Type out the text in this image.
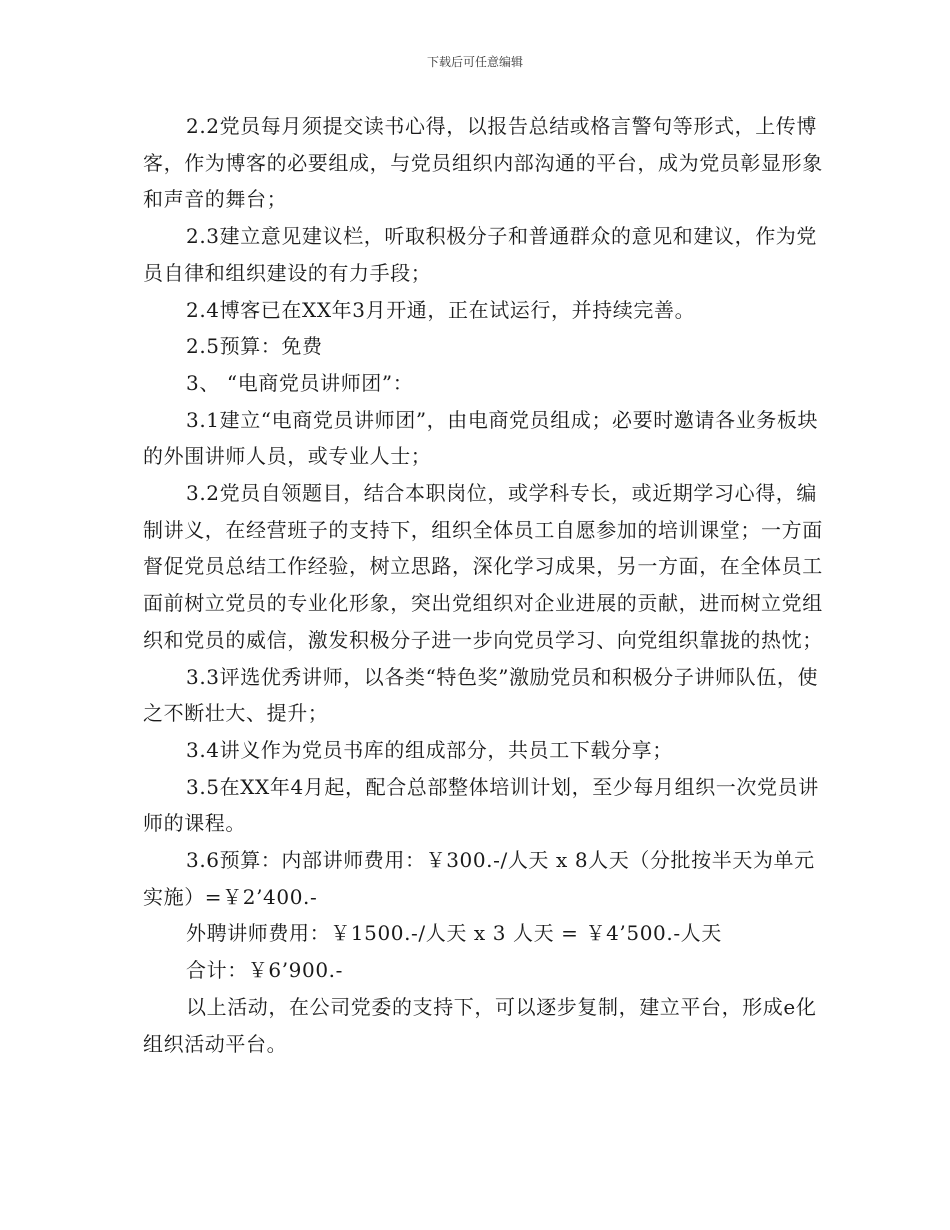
下载后可任意编辑

2.2党员每月须提交读书心得，以报告总结或格言警句等形式，上传博客，作为博客的必要组成，与党员组织内部沟通的平台，成为党员彰显形象和声音的舞台；

2.3建立意见建议栏，听取积极分子和普通群众的意见和建议，作为党员自律和组织建设的有力手段；

2.4博客已在XX年3月开通，正在试运行，并持续完善。

2.5预算：免费

3、 “电商党员讲师团”：

3.1建立“电商党员讲师团”，由电商党员组成；必要时邀请各业务板块的外围讲师人员，或专业人士；

3.2党员自领题目，结合本职岗位，或学科专长，或近期学习心得，编制讲义，在经营班子的支持下，组织全体员工自愿参加的培训课堂；一方面督促党员总结工作经验，树立思路，深化学习成果，另一方面，在全体员工面前树立党员的专业化形象，突出党组织对企业进展的贡献，进而树立党组织和党员的威信，激发积极分子进一步向党员学习、向党组织靠拢的热忱；

3.3评选优秀讲师，以各类“特色奖”激励党员和积极分子讲师队伍，使之不断壮大、提升；

3.4讲义作为党员书库的组成部分，共员工下载分享；

3.5在XX年4月起，配合总部整体培训计划，至少每月组织一次党员讲师的课程。

3.6预算：内部讲师费用：￥300.-/人天 x 8人天（分批按半天为单元实施）=￥2’400.-

外聘讲师费用：￥1500.-/人天 x 3 人天 = ￥4’500.-人天

合计：￥6’900.-

以上活动，在公司党委的支持下，可以逐步复制，建立平台，形成e化组织活动平台。
